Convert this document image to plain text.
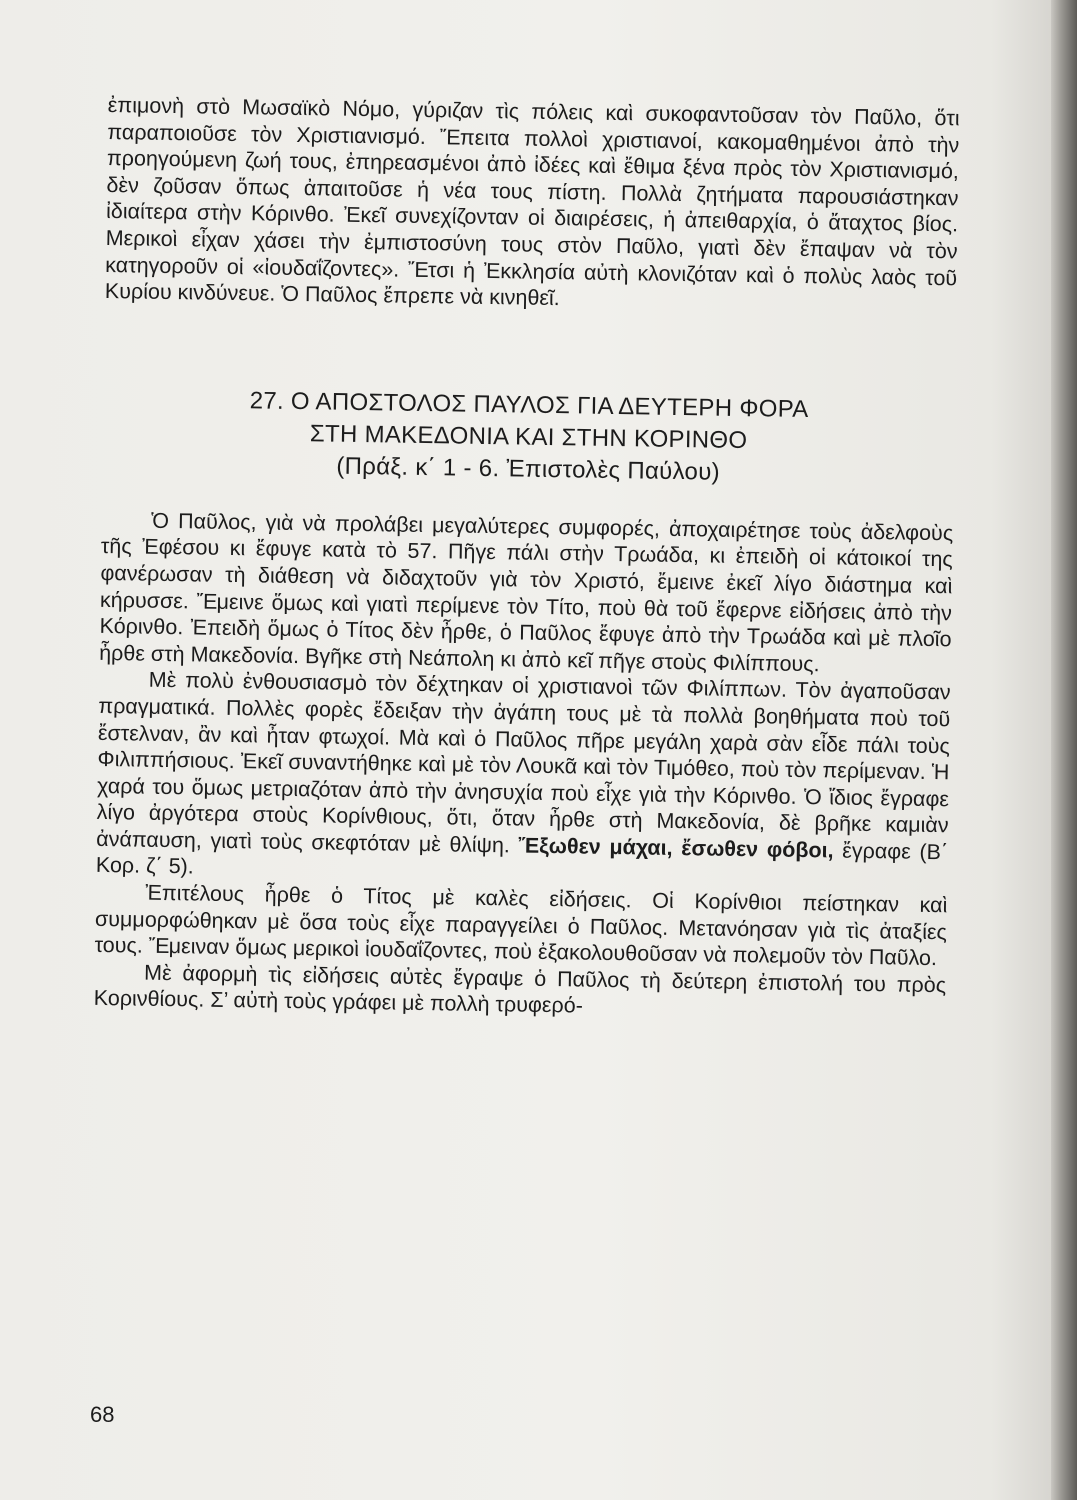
ἐπιμονὴ στὸ Μωσαϊκὸ Νόμο, γύριζαν τὶς πόλεις καὶ συκοφαντοῦσαν τὸν Παῦλο, ὅτι παραποιοῦσε τὸν Χριστιανισμό. Ἔπειτα πολλοὶ χριστιανοί, κακομαθημένοι ἀπὸ τὴν προηγούμενη ζωή τους, ἐπηρεασμένοι ἀπὸ ἰδέες καὶ ἔθιμα ξένα πρὸς τὸν Χριστιανισμό, δὲν ζοῦσαν ὅπως ἀπαιτοῦσε ἡ νέα τους πίστη. Πολλὰ ζητήματα παρουσιάστηκαν ἰδιαίτερα στὴν Κόρινθο. Ἐκεῖ συνεχίζονταν οἱ διαιρέσεις, ἡ ἀπειθαρχία, ὁ ἄταχτος βίος. Μερικοὶ εἶχαν χάσει τὴν ἐμπιστοσύνη τους στὸν Παῦλο, γιατὶ δὲν ἔπαψαν νὰ τὸν κατηγοροῦν οἱ «ἰουδαΐζοντες». Ἔτσι ἡ Ἐκκλησία αὐτὴ κλονιζόταν καὶ ὁ πολὺς λαὸς τοῦ Κυρίου κινδύνευε. Ὁ Παῦλος ἔπρεπε νὰ κινηθεῖ.

27. Ο ΑΠΟΣΤΟΛΟΣ ΠΑΥΛΟΣ ΓΙΑ ΔΕΥΤΕΡΗ ΦΟΡΑ
ΣΤΗ ΜΑΚΕΔΟΝΙΑ ΚΑΙ ΣΤΗΝ ΚΟΡΙΝΘΟ
(Πράξ. κ΄ 1 - 6. Ἐπιστολὲς Παύλου)

Ὁ Παῦλος, γιὰ νὰ προλάβει μεγαλύτερες συμφορές, ἀποχαιρέτησε τοὺς ἀδελφοὺς τῆς Ἐφέσου κι ἔφυγε κατὰ τὸ 57. Πῆγε πάλι στὴν Τρωάδα, κι ἐπειδὴ οἱ κάτοικοί της φανέρωσαν τὴ διάθεση νὰ διδαχτοῦν γιὰ τὸν Χριστό, ἔμεινε ἐκεῖ λίγο διάστημα καὶ κήρυσσε. Ἔμεινε ὅμως καὶ γιατὶ περίμενε τὸν Τίτο, ποὺ θὰ τοῦ ἔφερνε εἰδήσεις ἀπὸ τὴν Κόρινθο. Ἐπειδὴ ὅμως ὁ Τίτος δὲν ἦρθε, ὁ Παῦλος ἔφυγε ἀπὸ τὴν Τρωάδα καὶ μὲ πλοῖο ἦρθε στὴ Μακεδονία. Βγῆκε στὴ Νεάπολη κι ἀπὸ κεῖ πῆγε στοὺς Φιλίππους.

Μὲ πολὺ ἐνθουσιασμὸ τὸν δέχτηκαν οἱ χριστιανοὶ τῶν Φιλίππων. Τὸν ἀγαποῦσαν πραγματικά. Πολλὲς φορὲς ἔδειξαν τὴν ἀγάπη τους μὲ τὰ πολλὰ βοηθήματα ποὺ τοῦ ἔστελναν, ἂν καὶ ἦταν φτωχοί. Μὰ καὶ ὁ Παῦλος πῆρε μεγάλη χαρὰ σὰν εἶδε πάλι τοὺς Φιλιππήσιους. Ἐκεῖ συναντήθηκε καὶ μὲ τὸν Λουκᾶ καὶ τὸν Τιμόθεο, ποὺ τὸν περίμεναν. Ἡ χαρά του ὅμως μετριαζόταν ἀπὸ τὴν ἀνησυχία ποὺ εἶχε γιὰ τὴν Κόρινθο. Ὁ ἴδιος ἔγραφε λίγο ἀργότερα στοὺς Κορίνθιους, ὅτι, ὅταν ἦρθε στὴ Μακεδονία, δὲ βρῆκε καμιὰν ἀνάπαυση, γιατὶ τοὺς σκεφτόταν μὲ θλίψη. Ἔξωθεν μάχαι, ἔσωθεν φόβοι, ἔγραφε (Β΄ Κορ. ζ΄ 5).

Ἐπιτέλους ἦρθε ὁ Τίτος μὲ καλὲς εἰδήσεις. Οἱ Κορίνθιοι πείστηκαν καὶ συμμορφώθηκαν μὲ ὅσα τοὺς εἶχε παραγγείλει ὁ Παῦλος. Μετανόησαν γιὰ τὶς ἀταξίες τους. Ἔμειναν ὅμως μερικοὶ ἰουδαΐζοντες, ποὺ ἐξακολουθοῦσαν νὰ πολεμοῦν τὸν Παῦλο.

Μὲ ἀφορμὴ τὶς εἰδήσεις αὐτὲς ἔγραψε ὁ Παῦλος τὴ δεύτερη ἐπιστολή του πρὸς Κορινθίους. Σ’ αὐτὴ τοὺς γράφει μὲ πολλὴ τρυφερό-

68
